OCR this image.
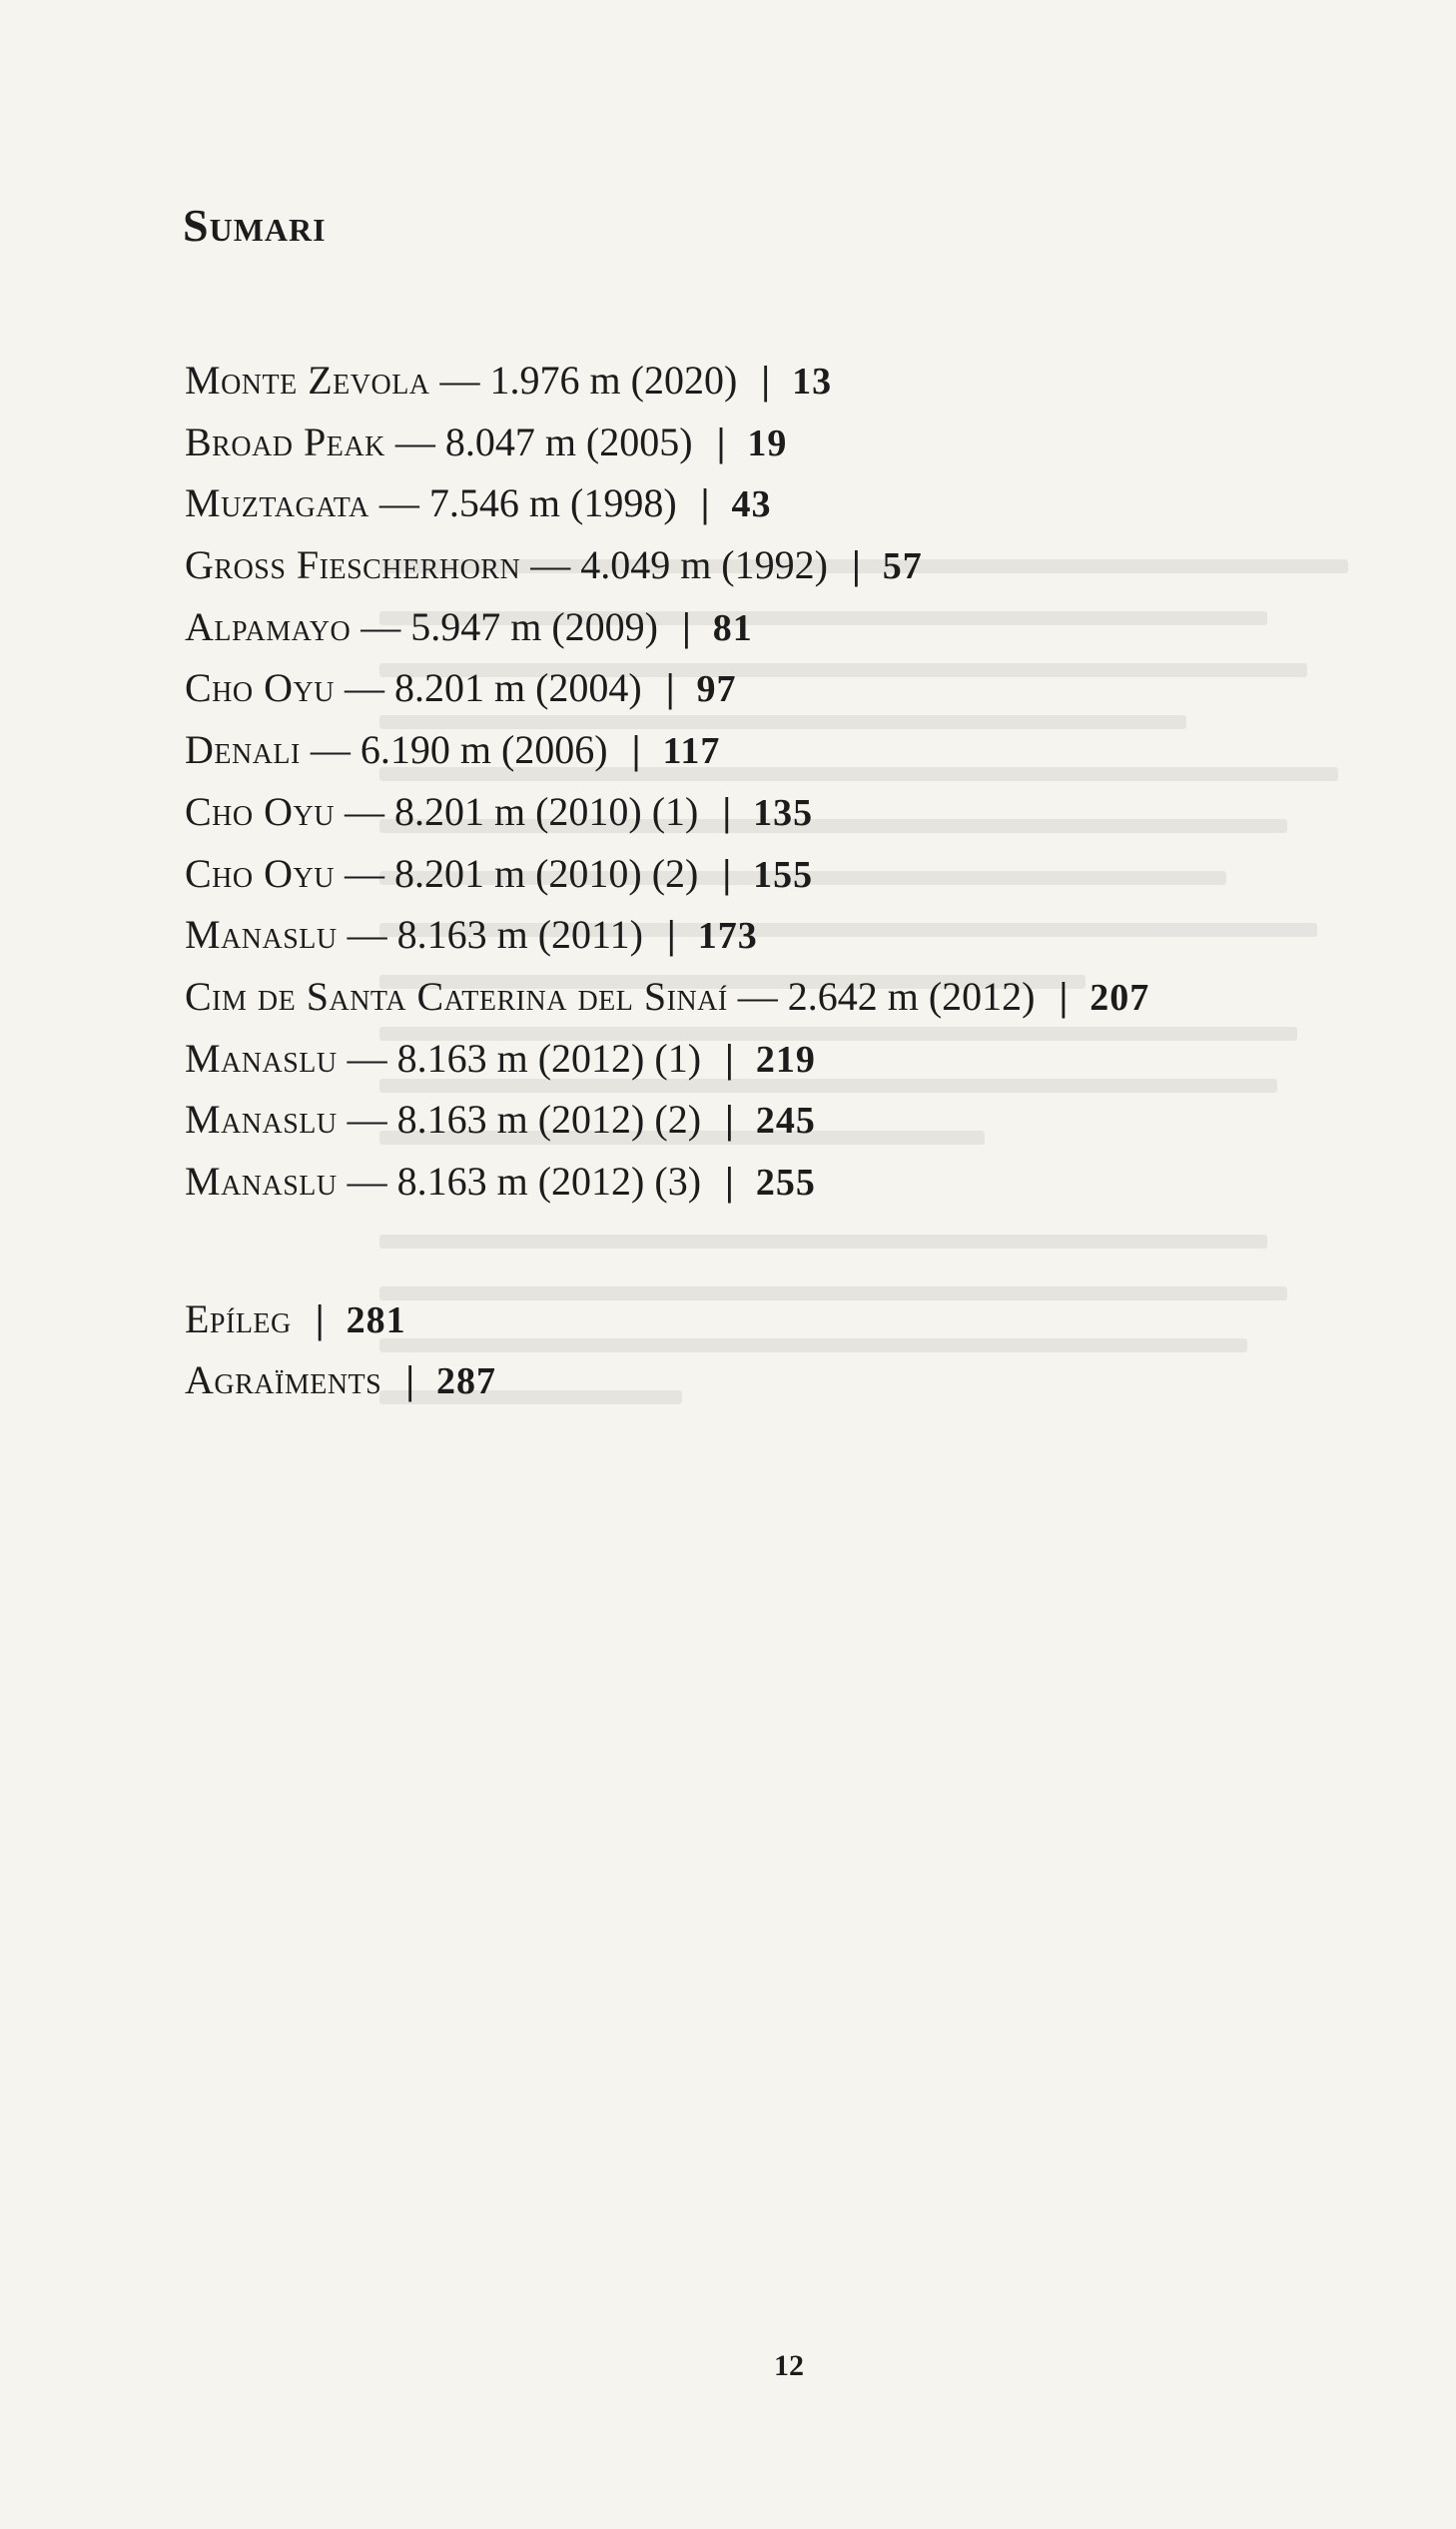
Sumari
Monte Zevola — 1.976 m (2020) | 13
Broad Peak — 8.047 m (2005) | 19
Muztagata — 7.546 m (1998) | 43
Gross Fiescherhorn — 4.049 m (1992) | 57
Alpamayo — 5.947 m (2009) | 81
Cho Oyu — 8.201 m (2004) | 97
Denali — 6.190 m (2006) | 117
Cho Oyu — 8.201 m (2010) (1) | 135
Cho Oyu — 8.201 m (2010) (2) | 155
Manaslu — 8.163 m (2011) | 173
Cim de Santa Caterina del Sinaí — 2.642 m (2012) | 207
Manaslu — 8.163 m (2012) (1) | 219
Manaslu — 8.163 m (2012) (2) | 245
Manaslu — 8.163 m (2012) (3) | 255
Epíleg | 281
Agraïments | 287
12
